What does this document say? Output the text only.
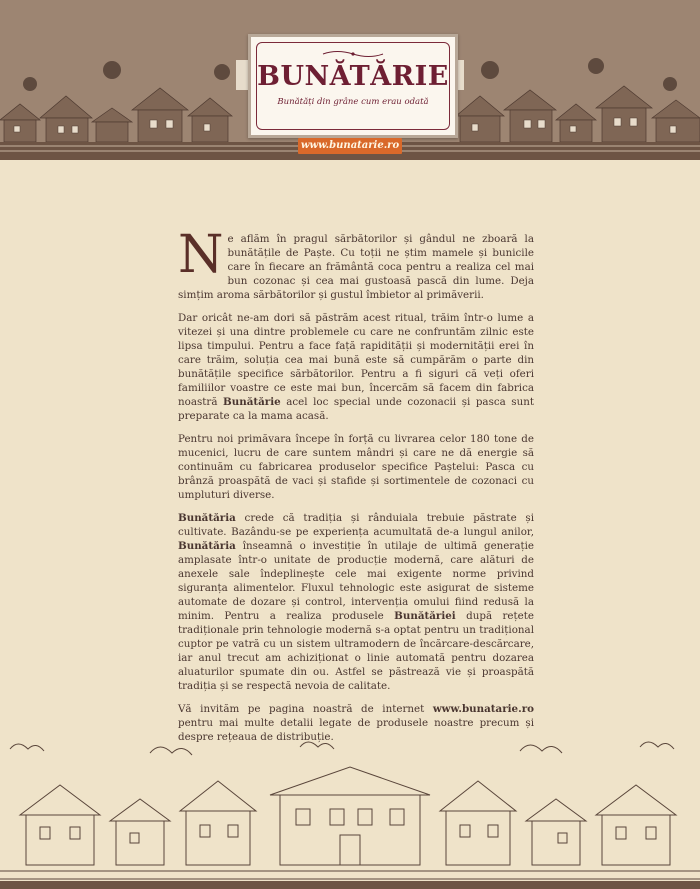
BUNĂTĂRIE
Bunătăți din grâne cum erau odată
www.bunatarie.ro

Ne aflăm în pragul sărbătorilor și gândul ne zboară la bunătățile de Paște. Cu toții ne știm mamele și bunicile care în fiecare an frământă coca pentru a realiza cel mai bun cozonac și cea mai gustoasă pască din lume. Deja simțim aroma sărbătorilor și gustul îmbietor al primăverii.

Dar oricât ne-am dori să păstrăm acest ritual, trăim într-o lume a vitezei și una dintre problemele cu care ne confruntăm zilnic este lipsa timpului. Pentru a face față rapidității și modernității erei în care trăim, soluția cea mai bună este să cumpărăm o parte din bunătățile specifice sărbătorilor. Pentru a fi siguri că veți oferi familiilor voastre ce este mai bun, încercăm să facem din fabrica noastră Bunătărie acel loc special unde cozonacii și pasca sunt preparate ca la mama acasă.

Pentru noi primăvara începe în forță cu livrarea celor 180 tone de mucenici, lucru de care suntem mândri și care ne dă energie să continuăm cu fabricarea produselor specifice Paștelui: Pasca cu brânză proaspătă de vaci și stafide și sortimentele de cozonaci cu umpluturi diverse.

Bunătăria crede că tradiția și rânduiala trebuie păstrate și cultivate. Bazându-se pe experiența acumultată de-a lungul anilor, Bunătăria înseamnă o investiție în utilaje de ultimă generație amplasate într-o unitate de producție modernă, care alături de anexele sale îndeplinește cele mai exigente norme privind siguranța alimentelor. Fluxul tehnologic este asigurat de sisteme automate de dozare și control, intervenția omului fiind redusă la minim. Pentru a realiza produsele Bunătăriei după rețete tradiționale prin tehnologie modernă s-a optat pentru un tradițional cuptor pe vatră cu un sistem ultramodern de încărcare-descărcare, iar anul trecut am achiziționat o linie automată pentru dozarea aluaturilor spumate din ou. Astfel se păstrează vie și proaspătă tradiția și se respectă nevoia de calitate.

Vă invităm pe pagina noastră de internet www.bunatarie.ro pentru mai multe detalii legate de produsele noastre precum și despre rețeaua de distribuție.
